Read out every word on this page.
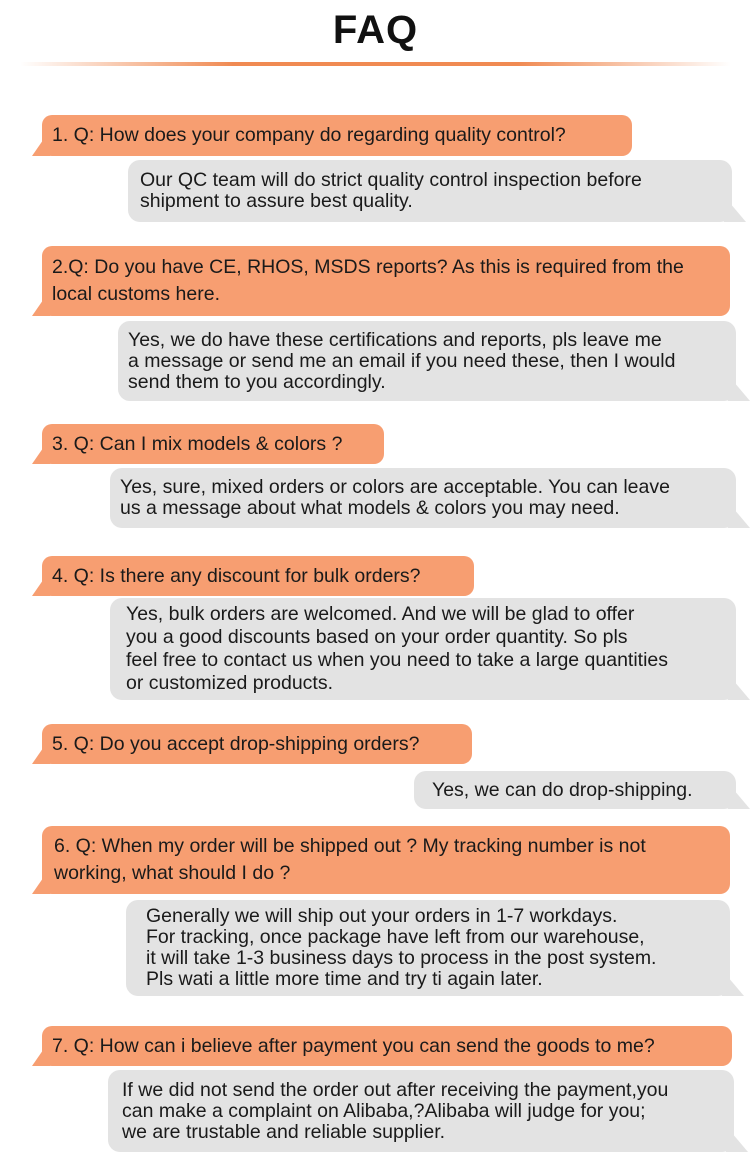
FAQ
1. Q: How does your company do regarding quality control?
Our QC team will do strict quality control inspection before
shipment to assure best quality.
2.Q: Do you have CE, RHOS, MSDS reports? As this is required from the local customs here.
Yes, we do have these certifications and reports, pls leave me
a message or send me an email if you need these, then I would
send them to you accordingly.
3. Q: Can I mix models & colors ?
Yes, sure, mixed orders or colors are acceptable. You can leave
us a message about what models & colors you may need.
4. Q: Is there any discount for bulk orders?
Yes, bulk orders are welcomed. And we will be glad to offer
you a good discounts based on your order quantity. So pls
feel free to contact us when you need to take a large quantities
or customized products.
5. Q: Do you accept drop-shipping orders?
Yes, we can do drop-shipping.
6. Q: When my order will be shipped out ? My tracking number is not working, what should I do ?
Generally we will ship out your orders in 1-7 workdays.
For tracking, once package have left from our warehouse,
it will take 1-3 business days to process in the post system.
Pls wati a little more time and try ti again later.
7. Q: How can i believe after payment you can send the goods to me?
If we did not send the order out after receiving the payment,you
can make a complaint on Alibaba,?Alibaba will judge for you;
we are trustable and reliable supplier.
